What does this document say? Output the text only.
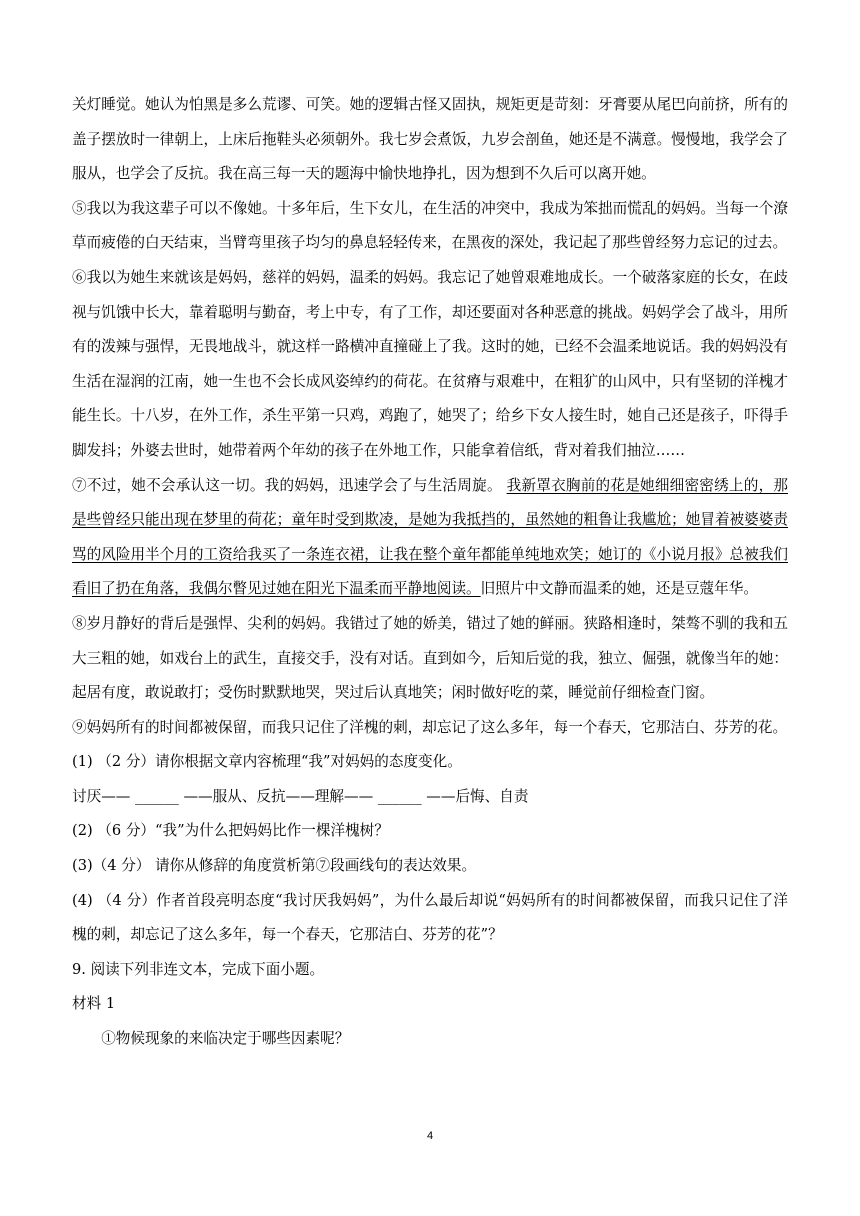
关灯睡觉。她认为怕黑是多么荒谬、可笑。她的逻辑古怪又固执，规矩更是苛刻：牙膏要从尾巴向前挤，所有的盖子摆放时一律朝上，上床后拖鞋头必须朝外。我七岁会煮饭，九岁会剖鱼，她还是不满意。慢慢地，我学会了服从，也学会了反抗。我在高三每一天的题海中愉快地挣扎，因为想到不久后可以离开她。

⑤我以为我这辈子可以不像她。十多年后，生下女儿，在生活的冲突中，我成为笨拙而慌乱的妈妈。当每一个潦草而疲倦的白天结束，当臂弯里孩子均匀的鼻息轻轻传来，在黑夜的深处，我记起了那些曾经努力忘记的过去。

⑥我以为她生来就该是妈妈，慈祥的妈妈，温柔的妈妈。我忘记了她曾艰难地成长。一个破落家庭的长女，在歧视与饥饿中长大，靠着聪明与勤奋，考上中专，有了工作，却还要面对各种恶意的挑战。妈妈学会了战斗，用所有的泼辣与强悍，无畏地战斗，就这样一路横冲直撞碰上了我。这时的她，已经不会温柔地说话。我的妈妈没有生活在湿润的江南，她一生也不会长成风姿绰约的荷花。在贫瘠与艰难中，在粗犷的山风中，只有坚韧的洋槐才能生长。十八岁，在外工作，杀生平第一只鸡，鸡跑了，她哭了；给乡下女人接生时，她自己还是孩子，吓得手脚发抖；外婆去世时，她带着两个年幼的孩子在外地工作，只能拿着信纸，背对着我们抽泣……

⑦不过，她不会承认这一切。我的妈妈，迅速学会了与生活周旋。 我新罩衣胸前的花是她细细密密绣上的，那是些曾经只能出现在梦里的荷花；童年时受到欺凌，是她为我抵挡的，虽然她的粗鲁让我尴尬；她冒着被婆婆责骂的风险用半个月的工资给我买了一条连衣裙，让我在整个童年都能单纯地欢笑；她订的《小说月报》总被我们看旧了扔在角落，我偶尔瞥见过她在阳光下温柔而平静地阅读。旧照片中文静而温柔的她，还是豆蔻年华。

⑧岁月静好的背后是强悍、尖利的妈妈。我错过了她的娇美，错过了她的鲜丽。狭路相逢时，桀骜不驯的我和五大三粗的她，如戏台上的武生，直接交手，没有对话。直到如今，后知后觉的我，独立、倔强，就像当年的她：起居有度，敢说敢打；受伤时默默地哭，哭过后认真地笑；闲时做好吃的菜，睡觉前仔细检查门窗。

⑨妈妈所有的时间都被保留，而我只记住了洋槐的刺，却忘记了这么多年，每一个春天，它那洁白、芬芳的花。

(1) （2 分）请你根据文章内容梳理“我”对妈妈的态度变化。

讨厌—— ______ ——服从、反抗——理解—— ______ ——后悔、自责

(2) （6 分）“我”为什么把妈妈比作一棵洋槐树？

(3)（4 分） 请你从修辞的角度赏析第⑦段画线句的表达效果。

(4) （4 分）作者首段亮明态度“我讨厌我妈妈”，为什么最后却说“妈妈所有的时间都被保留，而我只记住了洋槐的刺，却忘记了这么多年，每一个春天，它那洁白、芬芳的花”？

9. 阅读下列非连文本，完成下面小题。

材料 1

①物候现象的来临决定于哪些因素呢？

4
